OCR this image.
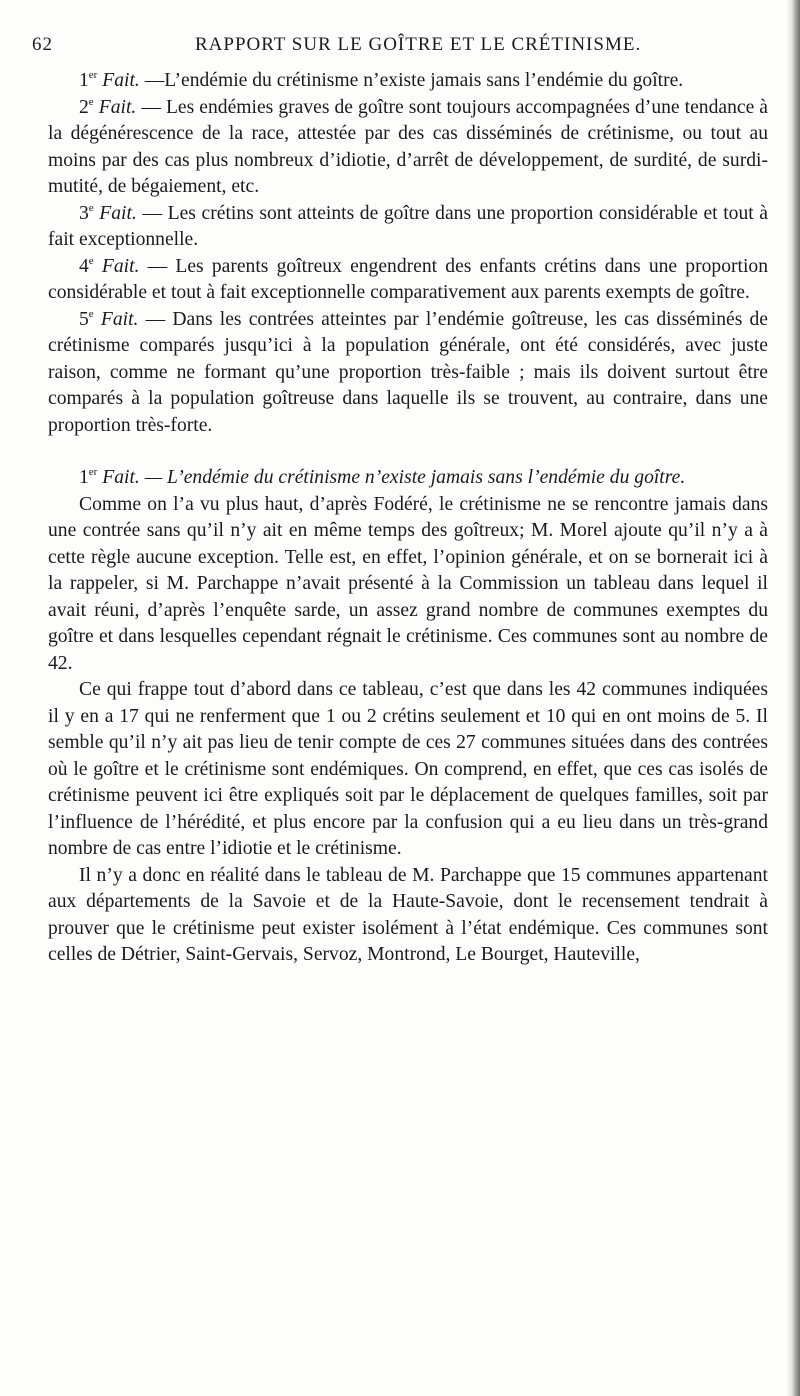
62	RAPPORT SUR LE GOÎTRE ET LE CRÉTINISME.

1er Fait. —L’endémie du crétinisme n’existe jamais sans l’endémie du goître.

2e Fait. — Les endémies graves de goître sont toujours accompagnées d’une tendance à la dégénérescence de la race, attestée par des cas disséminés de crétinisme, ou tout au moins par des cas plus nombreux d’idiotie, d’arrêt de développement, de surdité, de surdi-mutité, de bégaiement, etc.

3e Fait. — Les crétins sont atteints de goître dans une proportion considérable et tout à fait exceptionnelle.

4e Fait. — Les parents goîtreux engendrent des enfants crétins dans une proportion considérable et tout à fait exceptionnelle comparativement aux parents exempts de goître.

5e Fait. — Dans les contrées atteintes par l’endémie goîtreuse, les cas disséminés de crétinisme comparés jusqu’ici à la population générale, ont été considérés, avec juste raison, comme ne formant qu’une proportion très-faible ; mais ils doivent surtout être comparés à la population goîtreuse dans laquelle ils se trouvent, au contraire, dans une proportion très-forte.

1er Fait. — L’endémie du crétinisme n’existe jamais sans l’endémie du goître.

Comme on l’a vu plus haut, d’après Fodéré, le crétinisme ne se rencontre jamais dans une contrée sans qu’il n’y ait en même temps des goîtreux; M. Morel ajoute qu’il n’y a à cette règle aucune exception. Telle est, en effet, l’opinion générale, et on se bornerait ici à la rappeler, si M. Parchappe n’avait présenté à la Commission un tableau dans lequel il avait réuni, d’après l’enquête sarde, un assez grand nombre de communes exemptes du goître et dans lesquelles cependant régnait le crétinisme. Ces communes sont au nombre de 42.

Ce qui frappe tout d’abord dans ce tableau, c’est que dans les 42 communes indiquées il y en a 17 qui ne renferment que 1 ou 2 crétins seulement et 10 qui en ont moins de 5. Il semble qu’il n’y ait pas lieu de tenir compte de ces 27 communes situées dans des contrées où le goître et le crétinisme sont endémiques. On comprend, en effet, que ces cas isolés de crétinisme peuvent ici être expliqués soit par le déplacement de quelques familles, soit par l’influence de l’hérédité, et plus encore par la confusion qui a eu lieu dans un très-grand nombre de cas entre l’idiotie et le crétinisme.

Il n’y a donc en réalité dans le tableau de M. Parchappe que 15 communes appartenant aux départements de la Savoie et de la Haute-Savoie, dont le recensement tendrait à prouver que le crétinisme peut exister isolément à l’état endémique. Ces communes sont celles de Détrier, Saint-Gervais, Servoz, Montrond, Le Bourget, Hauteville,
